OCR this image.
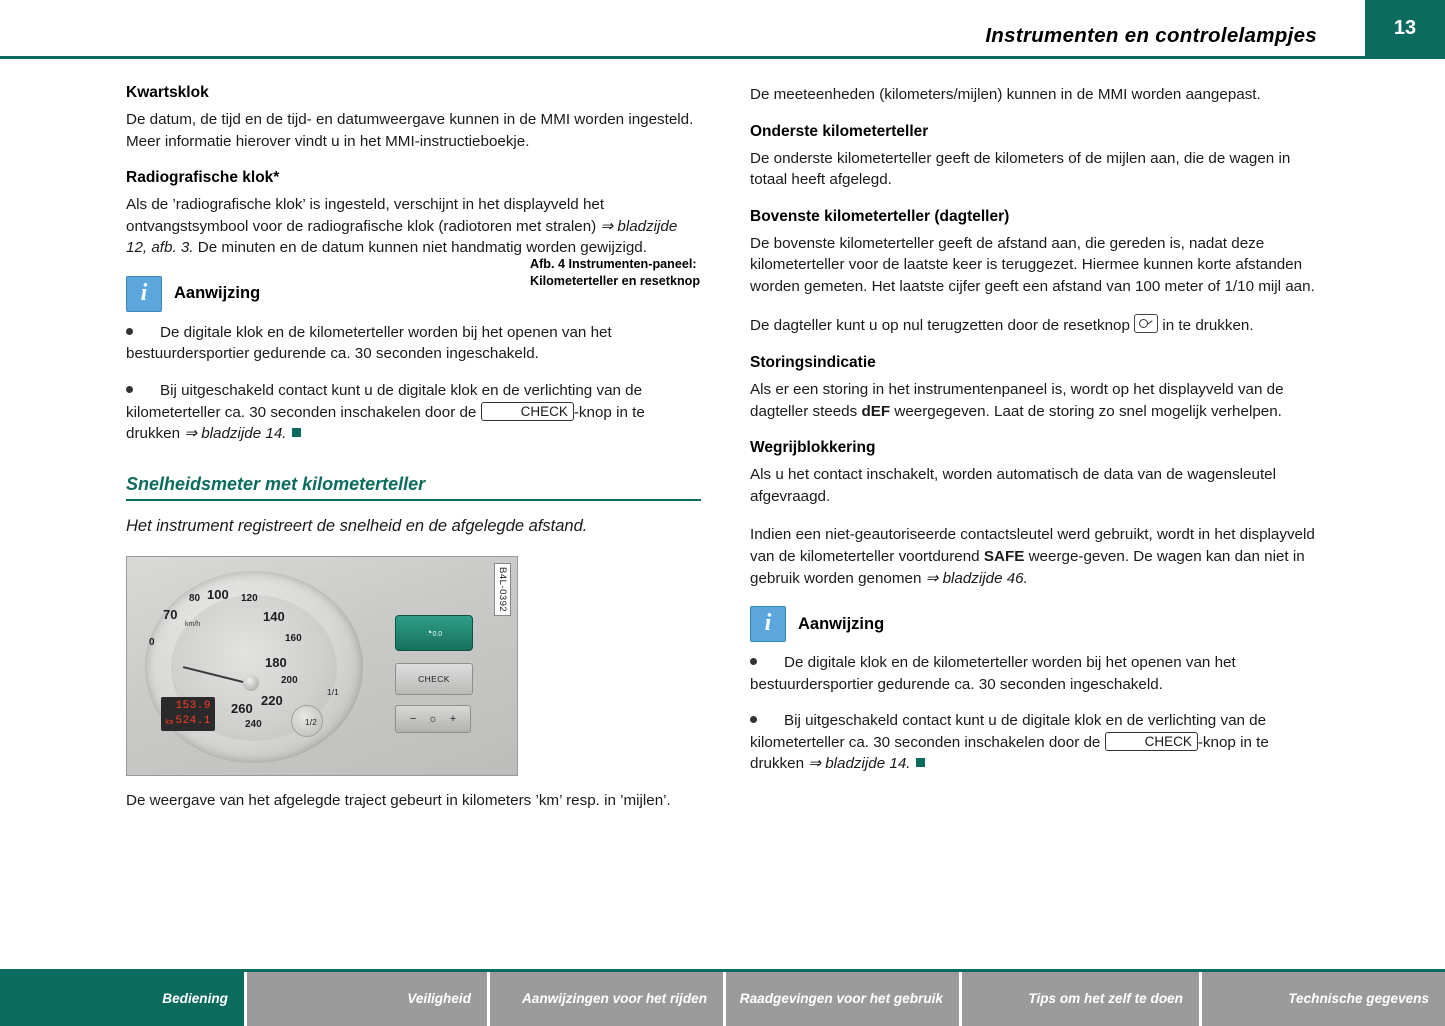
Instrumenten en controlelampjes	13
Kwartsklok

De datum, de tijd en de tijd- en datumweergave kunnen in de MMI worden ingesteld. Meer informatie hierover vindt u in het MMI-instructieboekje.

Radiografische klok*

Als de ’radiografische klok’ is ingesteld, verschijnt in het displayveld het ontvangstsymbool voor de radiografische klok (radiotoren met stralen) ⇒ bladzijde 12, afb. 3. De minuten en de datum kunnen niet handmatig worden gewijzigd.

i
Aanwijzing
De digitale klok en de kilometerteller worden bij het openen van het bestuurdersportier gedurende ca. 30 seconden ingeschakeld.
Bij uitgeschakeld contact kunt u de digitale klok en de verlichting van de kilometerteller ca. 30 seconden inschakelen door de	CHECK -knop in te drukken ⇒ bladzijde 14.
Snelheidsmeter met kilometerteller

Het instrument registreert de snelheid en de afgelegde afstand.

B4L-0392
0
70
80 100 120
140
160
180
200
220
240
260
km/h
153.9
524.1
km
1/1
1/2
◔0.0
CHECK
− ☼ +
Afb. 4 Instrumenten-paneel: Kilometerteller en resetknop

De weergave van het afgelegde traject gebeurt in kilometers ’km’ resp. in ’mijlen’.

De meeteenheden (kilometers/mijlen) kunnen in de MMI worden aangepast.

Onderste kilometerteller

De onderste kilometerteller geeft de kilometers of de mijlen aan, die de wagen in totaal heeft afgelegd.

Bovenste kilometerteller (dagteller)

De bovenste kilometerteller geeft de afstand aan, die gereden is, nadat deze kilometerteller voor de laatste keer is teruggezet. Hiermee kunnen korte afstanden worden gemeten. Het laatste cijfer geeft een afstand van 100 meter of 1/10 mijl aan.

De dagteller kunt u op nul terugzetten door de resetknop  in te drukken.

Storingsindicatie

Als er een storing in het instrumentenpaneel is, wordt op het displayveld van de dagteller steeds dEF weergegeven. Laat de storing zo snel mogelijk verhelpen.

Wegrijblokkering

Als u het contact inschakelt, worden automatisch de data van de wagensleutel afgevraagd.

Indien een niet-geautoriseerde contactsleutel werd gebruikt, wordt in het displayveld van de kilometerteller voortdurend SAFE weerge-geven. De wagen kan dan niet in gebruik worden genomen ⇒ bladzijde 46.

i
Aanwijzing
De digitale klok en de kilometerteller worden bij het openen van het bestuurdersportier gedurende ca. 30 seconden ingeschakeld.
Bij uitgeschakeld contact kunt u de digitale klok en de verlichting van de kilometerteller ca. 30 seconden inschakelen door de	CHECK -knop in te drukken ⇒ bladzijde 14.
Bediening	Veiligheid	Aanwijzingen voor het rijden	Raadgevingen voor het gebruik	Tips om het zelf te doen	Technische gegevens
